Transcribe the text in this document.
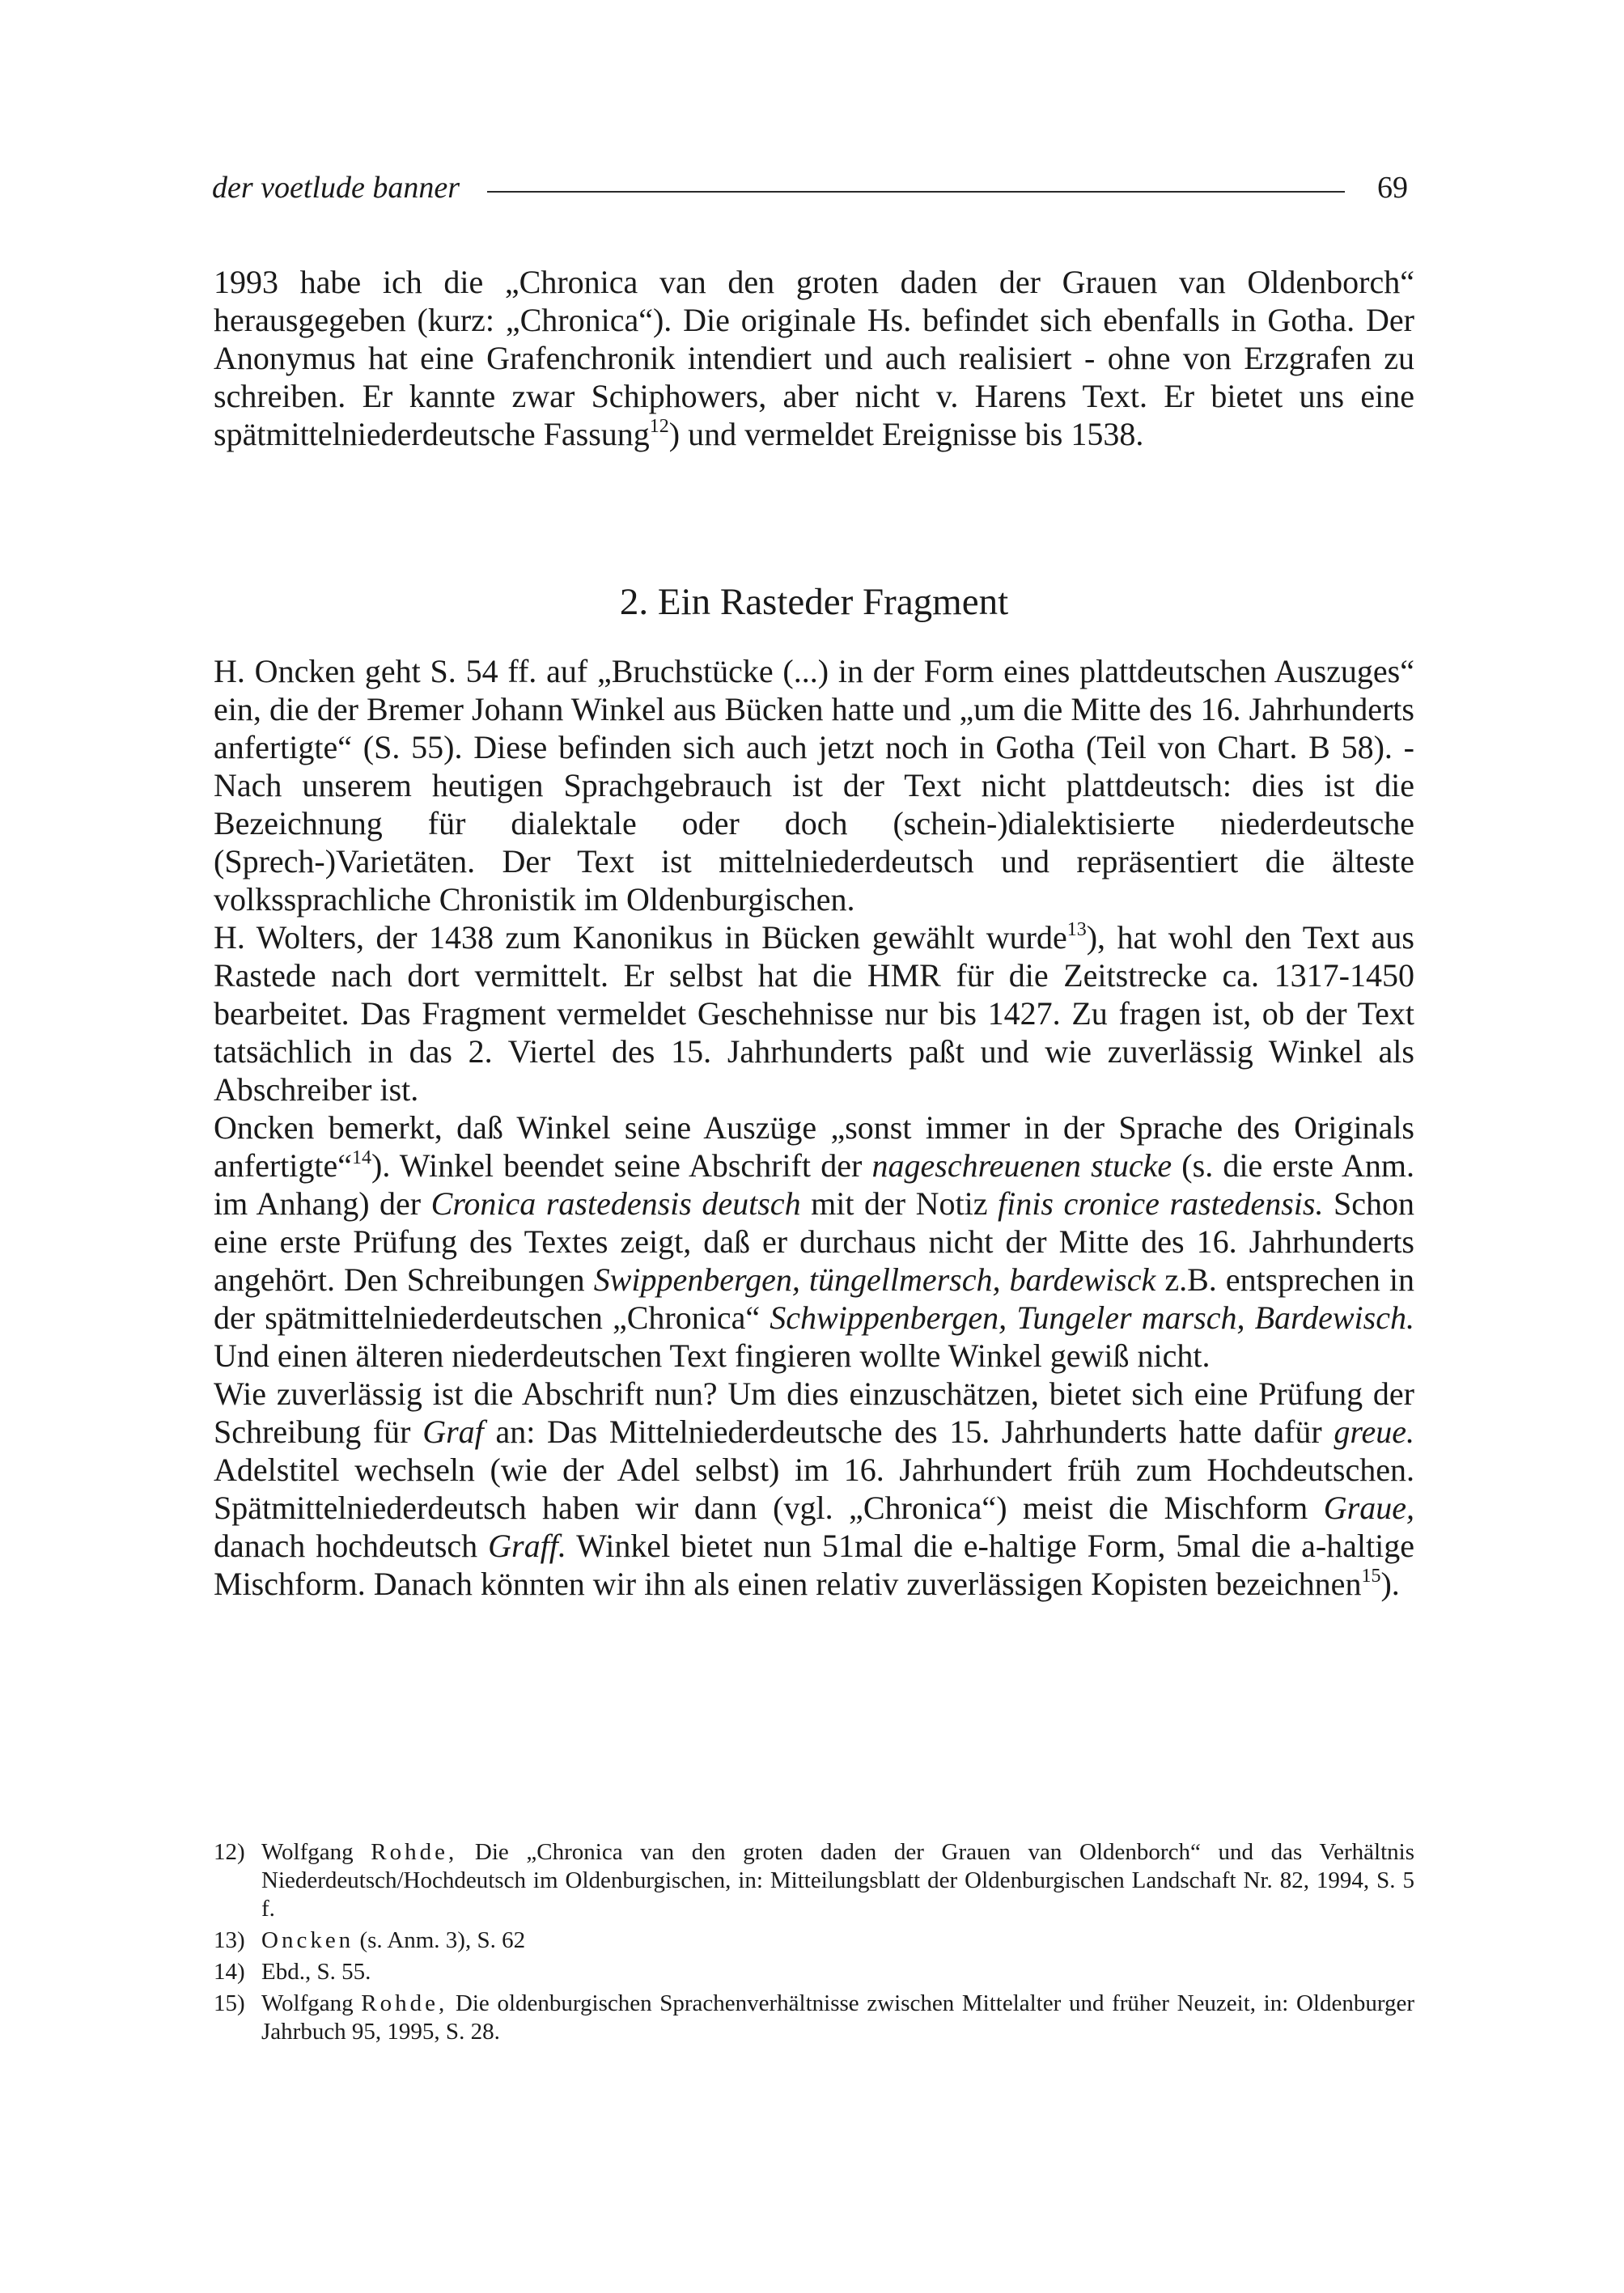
der voetlude banner	69

1993 habe ich die „Chronica van den groten daden der Grauen van Oldenborch“ herausgegeben (kurz: „Chronica“). Die originale Hs. befindet sich ebenfalls in Gotha. Der Anonymus hat eine Grafenchronik intendiert und auch realisiert - ohne von Erzgrafen zu schreiben. Er kannte zwar Schiphowers, aber nicht v. Harens Text. Er bietet uns eine spätmittelniederdeutsche Fassung$^{12}$) und vermeldet Ereignisse bis 1538.

2. Ein Rasteder Fragment

H. Oncken geht S. 54 ff. auf „Bruchstücke (...) in der Form eines plattdeutschen Auszuges“ ein, die der Bremer Johann Winkel aus Bücken hatte und „um die Mitte des 16. Jahrhunderts anfertigte“ (S. 55). Diese befinden sich auch jetzt noch in Gotha (Teil von Chart. B 58). - Nach unserem heutigen Sprachgebrauch ist der Text nicht plattdeutsch: dies ist die Bezeichnung für dialektale oder doch (schein-)dialektisierte niederdeutsche (Sprech-)Varietäten. Der Text ist mittelniederdeutsch und repräsentiert die älteste volkssprachliche Chronistik im Oldenburgischen.

H. Wolters, der 1438 zum Kanonikus in Bücken gewählt wurde$^{13}$), hat wohl den Text aus Rastede nach dort vermittelt. Er selbst hat die HMR für die Zeitstrecke ca. 1317-1450 bearbeitet. Das Fragment vermeldet Geschehnisse nur bis 1427. Zu fragen ist, ob der Text tatsächlich in das 2. Viertel des 15. Jahrhunderts paßt und wie zuverlässig Winkel als Abschreiber ist.

Oncken bemerkt, daß Winkel seine Auszüge „sonst immer in der Sprache des Originals anfertigte“$^{14}$). Winkel beendet seine Abschrift der nageschreuenen stucke (s. die erste Anm. im Anhang) der Cronica rastedensis deutsch mit der Notiz finis cronice rastedensis. Schon eine erste Prüfung des Textes zeigt, daß er durchaus nicht der Mitte des 16. Jahrhunderts angehört. Den Schreibungen Swippenbergen, tüngellmersch, bardewisck z.B. entsprechen in der spätmittelniederdeutschen „Chronica“ Schwippenbergen, Tungeler marsch, Bardewisch. Und einen älteren niederdeutschen Text fingieren wollte Winkel gewiß nicht.

Wie zuverlässig ist die Abschrift nun? Um dies einzuschätzen, bietet sich eine Prüfung der Schreibung für Graf an: Das Mittelniederdeutsche des 15. Jahrhunderts hatte dafür greue. Adelstitel wechseln (wie der Adel selbst) im 16. Jahrhundert früh zum Hochdeutschen. Spätmittelniederdeutsch haben wir dann (vgl. „Chronica“) meist die Mischform Graue, danach hochdeutsch Graff. Winkel bietet nun 51mal die e-haltige Form, 5mal die a-haltige Mischform. Danach könnten wir ihn als einen relativ zuverlässigen Kopisten bezeichnen$^{15}$).

12) Wolfgang Rohde, Die „Chronica van den groten daden der Grauen van Oldenborch“ und das Verhältnis Niederdeutsch/Hochdeutsch im Oldenburgischen, in: Mitteilungsblatt der Oldenburgischen Landschaft Nr. 82, 1994, S. 5 f.
13) Oncken (s. Anm. 3), S. 62
14) Ebd., S. 55.
15) Wolfgang Rohde, Die oldenburgischen Sprachenverhältnisse zwischen Mittelalter und früher Neuzeit, in: Oldenburger Jahrbuch 95, 1995, S. 28.
